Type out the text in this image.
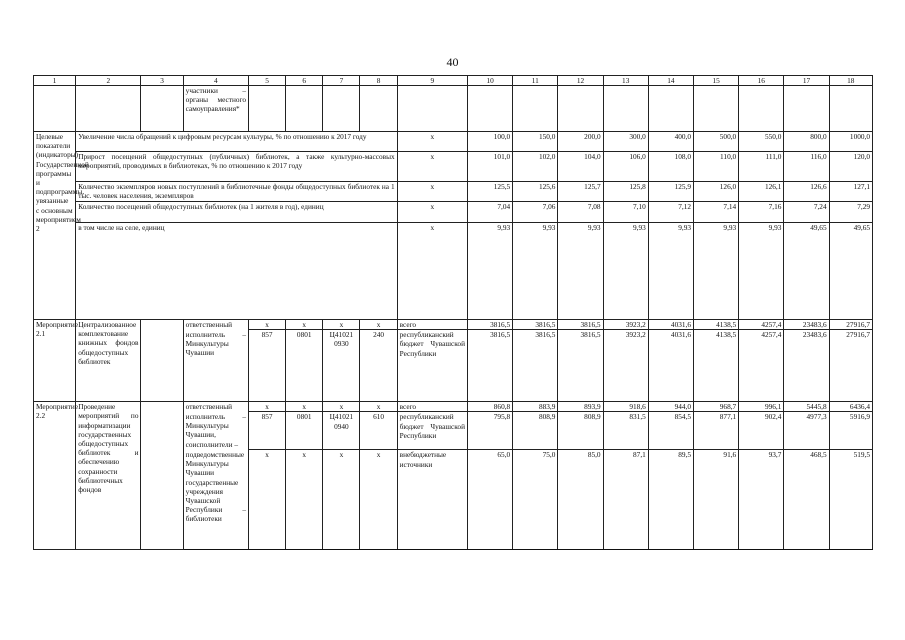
40
1	2	3	4	5	6	7	8	9	10	11	12	13	14	15	16	17	18
			участники – органы местного самоуправления*														
Целевые показатели (индикаторы) Государственной программы и подпрограммы, увязанные с основным мероприятием 2	Увеличение числа обращений к цифровым ресурсам культуры, % по отношению к 2017 году							x	100,0	150,0	200,0	300,0	400,0	500,0	550,0	800,0	1000,0
	Прирост посещений общедоступных (публичных) библиотек, а также культурно-массовых мероприятий, проводимых в библиотеках, % по отношению к 2017 году							x	101,0	102,0	104,0	106,0	108,0	110,0	111,0	116,0	120,0
	Количество экземпляров новых поступлений в библиотечные фонды общедоступных библиотек на 1 тыс. человек населения, экземпляров							x	125,5	125,6	125,7	125,8	125,9	126,0	126,1	126,6	127,1
	Количество посещений общедоступных библиотек (на 1 жителя в год), единиц							x	7,04	7,06	7,08	7,10	7,12	7,14	7,16	7,24	7,29
	в том числе на селе, единиц							x	9,93	9,93	9,93	9,93	9,93	9,93	9,93	49,65	49,65
Мероприятие 2.1	Централизованное комплектование книжных фондов общедоступных библиотек		ответственный	x	x	x	x	всего	3816,5	3816,5	3816,5	3923,2	4031,6	4138,5	4257,4	23483,6	27916,7
			исполнитель – Минкультуры Чувашии	857	0801	Ц41021 0930	240	республиканский бюджет Чувашской Республики	3816,5	3816,5	3816,5	3923,2	4031,6	4138,5	4257,4	23483,6	27916,7
Мероприятие 2.2	Проведение мероприятий по информатизации государственных общедоступных библиотек и обеспечению сохранности библиотечных фондов		ответственный	x	x	x	x	всего	860,8	883,9	893,9	918,6	944,0	968,7	996,1	5445,8	6436,4
			исполнитель – Минкультуры Чувашии, соисполнители –	857	0801	Ц41021 0940	610	республиканский бюджет Чувашской Республики	795,8	808,9	808,9	831,5	854,5	877,1	902,4	4977,3	5916,9
			подведомственные Минкультуры Чувашии государственные учреждения Чувашской Республики – библиотеки	x	x	x	x	внебюджетные источники	65,0	75,0	85,0	87,1	89,5	91,6	93,7	468,5	519,5
